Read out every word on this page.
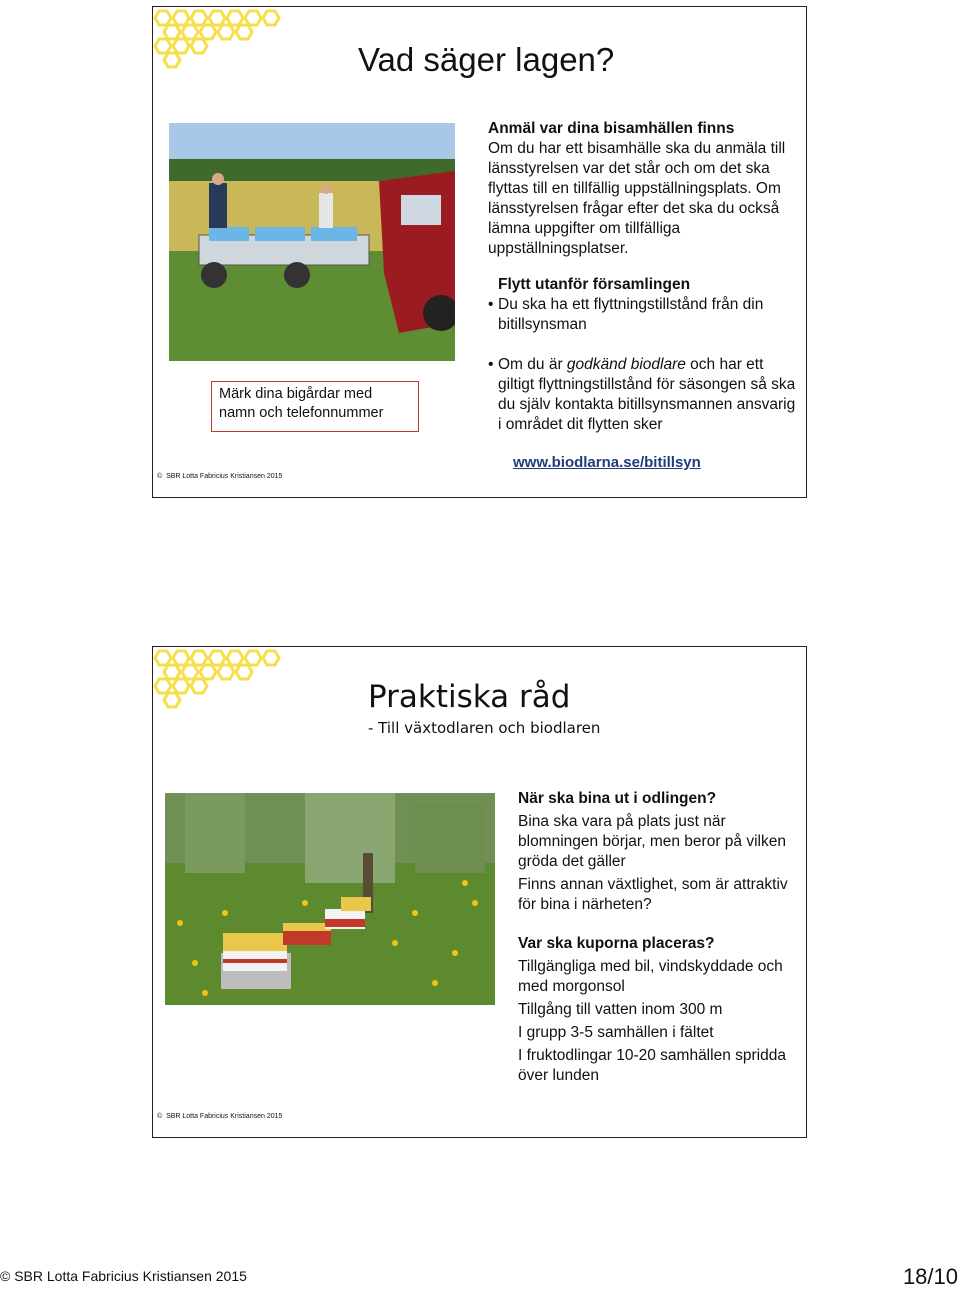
Vad säger lagen?
Märk dina bigårdar med namn och telefonnummer
Anmäl var dina bisamhällen finns
Om du har ett bisamhälle ska du anmäla till länsstyrelsen var det står och om det ska flyttas till en tillfällig uppställningsplats. Om länsstyrelsen frågar efter det ska du också lämna uppgifter om tillfälliga uppställningsplatser.
Flytt utanför församlingen
• Du ska ha ett flyttningstillstånd från din bitillsynsman
• Om du är godkänd biodlare och har ett giltigt flyttningstillstånd för säsongen så ska du själv kontakta bitillsynsmannen ansvarig i området dit flytten sker
www.biodlarna.se/bitillsyn
© SBR Lotta Fabricius Kristiansen 2015
Praktiska råd
- Till växtodlaren och biodlaren
När ska bina ut i odlingen?
Bina ska vara på plats just när blomningen börjar, men beror på vilken gröda det gäller
Finns annan växtlighet, som är attraktiv för bina i närheten?
Var ska kuporna placeras?
Tillgängliga med bil, vindskyddade och med morgonsol
Tillgång till vatten inom 300 m
I grupp 3-5 samhällen i fältet
I fruktodlingar 10-20 samhällen spridda över lunden
© SBR Lotta Fabricius Kristiansen 2015
© SBR Lotta Fabricius Kristiansen 2015	18/10
